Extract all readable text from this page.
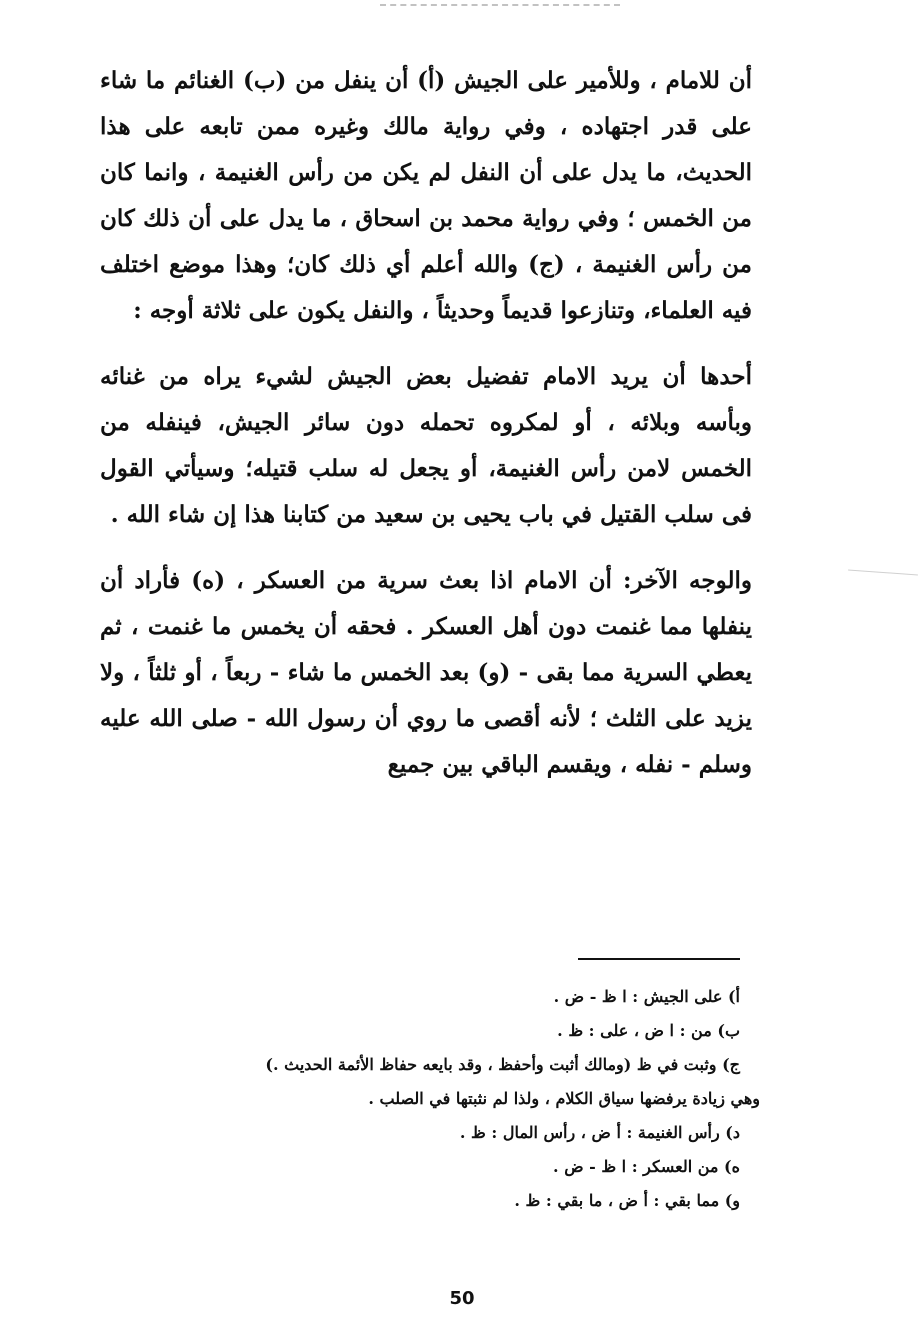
أن للامام ، وللأمير على الجيش (أ) أن ينفل من (ب) الغنائم ما شاء على قدر اجتهاده ، وفي رواية مالك وغيره ممن تابعه على هذا الحديث، ما يدل على أن النفل لم يكن من رأس الغنيمة ، وانما كان من الخمس ؛ وفي رواية محمد بن اسحاق ، ما يدل على أن ذلك كان من رأس الغنيمة ، (ج) والله أعلم أي ذلك كان؛ وهذا موضع اختلف فيه العلماء، وتنازعوا قديماً وحديثاً ، والنفل يكون على ثلاثة أوجه :

أحدها أن يريد الامام تفضيل بعض الجيش لشيء يراه من غنائه وبأسه وبلائه ، أو لمكروه تحمله دون سائر الجيش، فينفله من الخمس لامن رأس الغنيمة، أو يجعل له سلب قتيله؛ وسيأتي القول فى سلب القتيل في باب يحيى بن سعيد من كتابنا هذا إن شاء الله .

والوجه الآخر: أن الامام اذا بعث سرية من العسكر ، (ه) فأراد أن ينفلها مما غنمت دون أهل العسكر . فحقه أن يخمس ما غنمت ، ثم يعطي السرية مما بقى - (و) بعد الخمس ما شاء - ربعاً ، أو ثلثاً ، ولا يزيد على الثلث ؛ لأنه أقصى ما روي أن رسول الله - صلى الله عليه وسلم - نفله ، ويقسم الباقي بين جميع

أ) على الجيش : ا ظ - ض .
ب) من : ا ض ، على : ظ .
ج) وثبت في ظ (ومالك أثبت وأحفظ ، وقد بايعه حفاظ الأئمة الحديث .)
وهي زيادة يرفضها سياق الكلام ، ولذا لم نثبتها في الصلب .
د) رأس الغنيمة : أ ض ، رأس المال : ظ .
ه) من العسكر : ا ظ - ض .
و) مما بقي : أ ض ، ما بقي : ظ .
50
